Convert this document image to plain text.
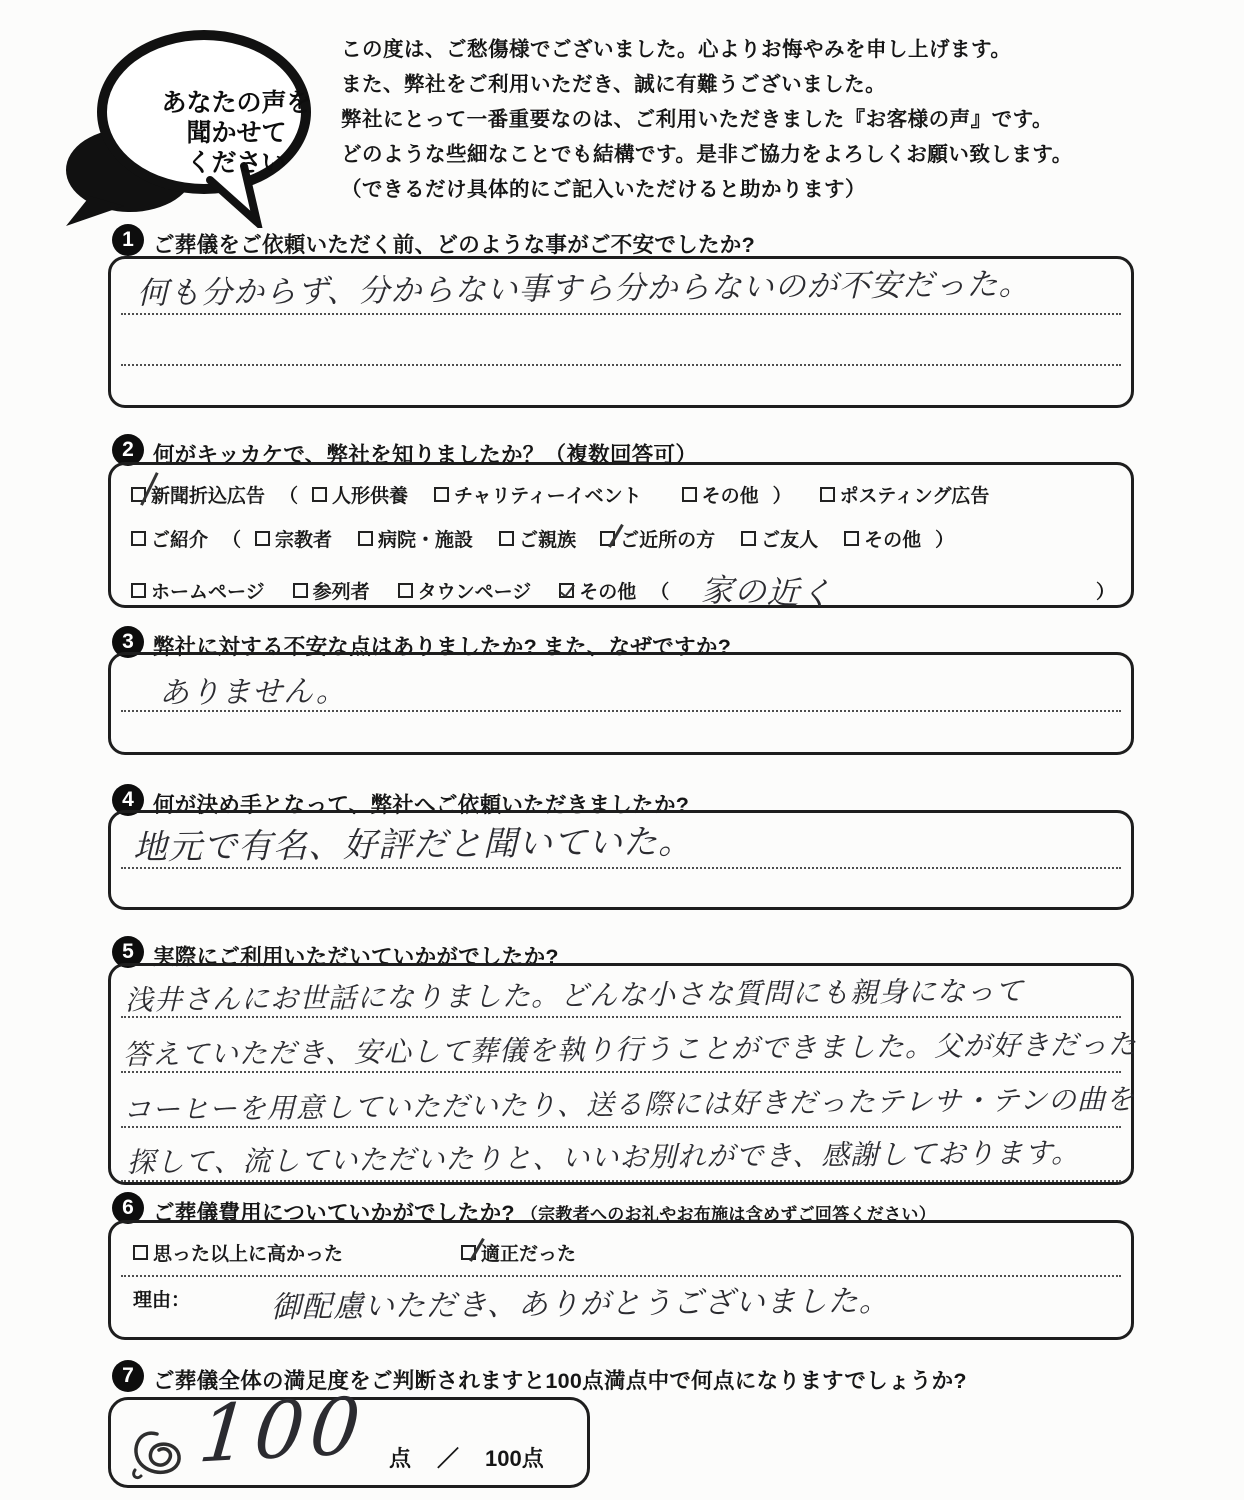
あなたの声を
聞かせて
ください
この度は、ご愁傷様でございました。心よりお悔やみを申し上げます。
また、弊社をご利用いただき、誠に有難うございました。
弊社にとって一番重要なのは、ご利用いただきました『お客様の声』です。
どのような些細なことでも結構です。是非ご協力をよろしくお願い致します。
（できるだけ具体的にご記入いただけると助かります）
1 ご葬儀をご依頼いただく前、どのような事がご不安でしたか?
何も分からず、分からない事すら分からないのが不安だった。
2 何がキッカケで、弊社を知りましたか？（複数回答可）
新聞折込広告 （ 人形供養 チャリティーイベント	その他 ）	ポスティング広告
ご紹介 （ 宗教者 病院・施設 ご親族 ご近所の方 ご友人 その他 ）
ホームページ	参列者	タウンページ	その他 （ 家の近く	）
3 弊社に対する不安な点はありましたか? また、なぜですか?
ありません。
4 何が決め手となって、弊社へご依頼いただきましたか?
地元で有名、好評だと聞いていた。
5 実際にご利用いただいていかがでしたか?
浅井さんにお世話になりました。どんな小さな質問にも親身になって
答えていただき、安心して葬儀を執り行うことができました。父が好きだった
コーヒーを用意していただいたり、送る際には好きだったテレサ・テンの曲を
探して、流していただいたりと、いいお別れができ、感謝しております。
6 ご葬儀費用についていかがでしたか? （宗教者へのお礼やお布施は含めずご回答ください）
思った以上に高かった	適正だった
理由：	御配慮いただき、ありがとうございました。
7 ご葬儀全体の満足度をご判断されますと100点満点中で何点になりますでしょうか?
100 点 ／ 100点
